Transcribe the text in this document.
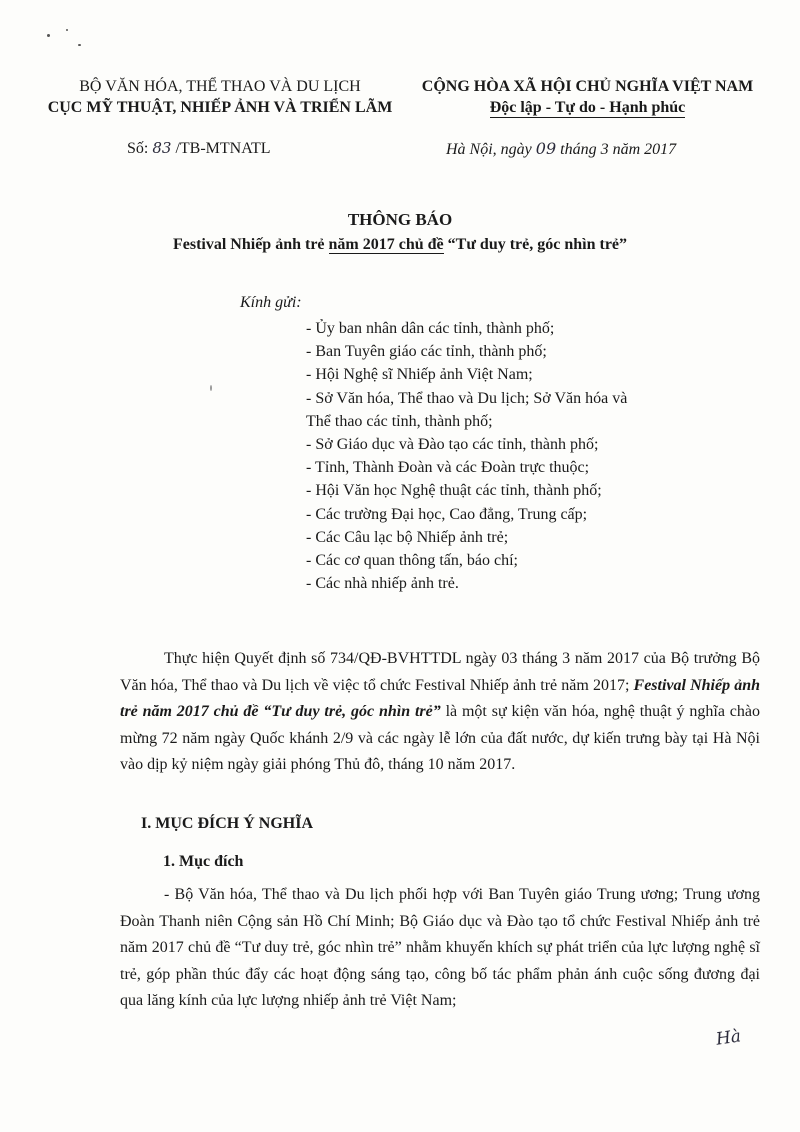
BỘ VĂN HÓA, THỂ THAO VÀ DU LỊCH
CỤC MỸ THUẬT, NHIẾP ẢNH VÀ TRIỂN LÃM
CỘNG HÒA XÃ HỘI CHỦ NGHĨA VIỆT NAM
Độc lập - Tự do - Hạnh phúc
Số: 83 /TB-MTNATL	Hà Nội, ngày 09 tháng 3 năm 2017
THÔNG BÁO
Festival Nhiếp ảnh trẻ năm 2017 chủ đề “Tư duy trẻ, góc nhìn trẻ”
Kính gửi:
- Ủy ban nhân dân các tỉnh, thành phố;
- Ban Tuyên giáo các tỉnh, thành phố;
- Hội Nghệ sĩ Nhiếp ảnh Việt Nam;
- Sở Văn hóa, Thể thao và Du lịch; Sở Văn hóa và
Thể thao các tỉnh, thành phố;
- Sở Giáo dục và Đào tạo các tỉnh, thành phố;
- Tỉnh, Thành Đoàn và các Đoàn trực thuộc;
- Hội Văn học Nghệ thuật các tỉnh, thành phố;
- Các trường Đại học, Cao đẳng, Trung cấp;
- Các Câu lạc bộ Nhiếp ảnh trẻ;
- Các cơ quan thông tấn, báo chí;
- Các nhà nhiếp ảnh trẻ.

Thực hiện Quyết định số 734/QĐ-BVHTTDL ngày 03 tháng 3 năm 2017 của Bộ trưởng Bộ Văn hóa, Thể thao và Du lịch về việc tổ chức Festival Nhiếp ảnh trẻ năm 2017; Festival Nhiếp ảnh trẻ năm 2017 chủ đề “Tư duy trẻ, góc nhìn trẻ” là một sự kiện văn hóa, nghệ thuật ý nghĩa chào mừng 72 năm ngày Quốc khánh 2/9 và các ngày lễ lớn của đất nước, dự kiến trưng bày tại Hà Nội vào dịp kỷ niệm ngày giải phóng Thủ đô, tháng 10 năm 2017.

I. MỤC ĐÍCH Ý NGHĨA
1. Mục đích

- Bộ Văn hóa, Thể thao và Du lịch phối hợp với Ban Tuyên giáo Trung ương; Trung ương Đoàn Thanh niên Cộng sản Hồ Chí Minh; Bộ Giáo dục và Đào tạo tổ chức Festival Nhiếp ảnh trẻ năm 2017 chủ đề “Tư duy trẻ, góc nhìn trẻ” nhằm khuyến khích sự phát triển của lực lượng nghệ sĩ trẻ, góp phần thúc đẩy các hoạt động sáng tạo, công bố tác phẩm phản ánh cuộc sống đương đại qua lăng kính của lực lượng nhiếp ảnh trẻ Việt Nam;

Hà
